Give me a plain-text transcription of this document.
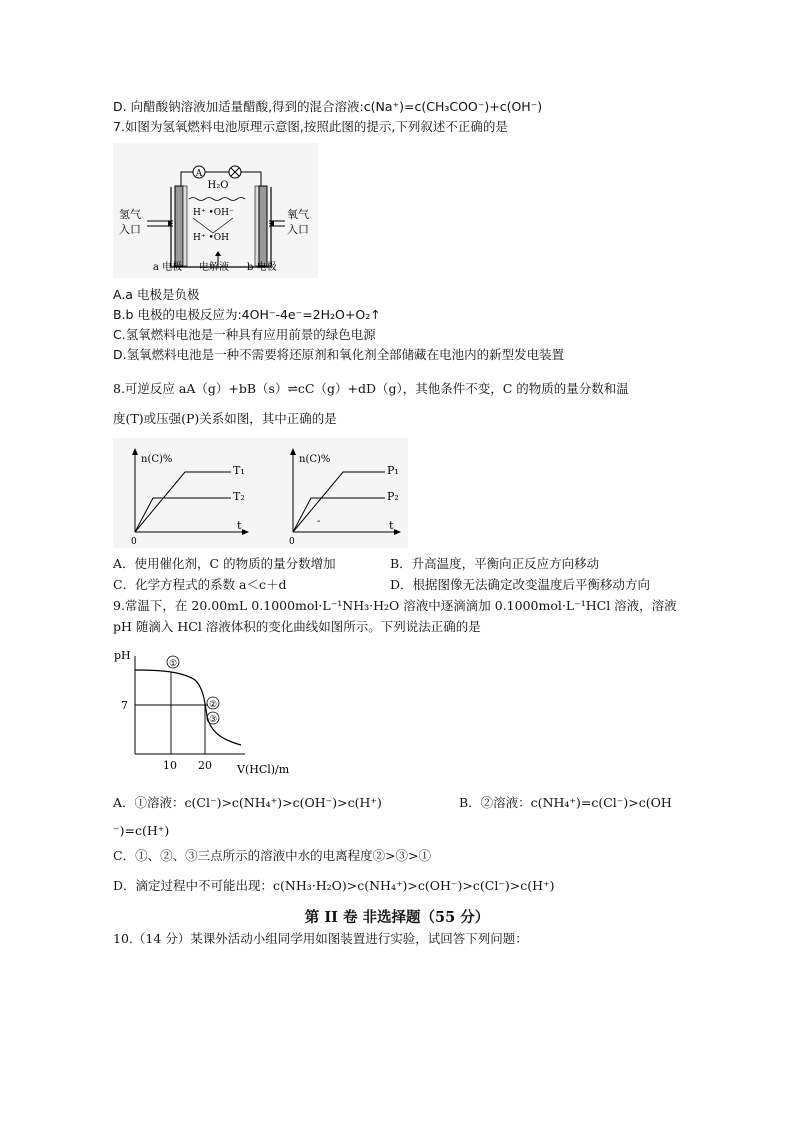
D. 向醋酸钠溶液加适量醋酸,得到的混合溶液:c(Na⁺)=c(CH₃COO⁻)+c(OH⁻)
7.如图为氢氧燃料电池原理示意图,按照此图的提示,下列叙述不正确的是
A
H₂O
H⁺ •OH⁻
H⁺ •OH
氢气
入口
氧气
入口
a 电极 电解液 b 电极
A.a 电极是负极
B.b 电极的电极反应为:4OH⁻-4e⁻=2H₂O+O₂↑
C.氢氧燃料电池是一种具有应用前景的绿色电源
D.氢氧燃料电池是一种不需要将还原剂和氧化剂全部储藏在电池内的新型发电装置
8.可逆反应 aA（g）+bB（s）⇌cC（g）+dD（g），其他条件不变，C 的物质的量分数和温
度(T)或压强(P)关系如图，其中正确的是
n(C)%
0
t
T₁
T₂
n(C)%
0
t
P₁
P₂
-
A．使用催化剂，C 的物质的量分数增加	B．升高温度，平衡向正反应方向移动
C．化学方程式的系数 a＜c＋d	D．根据图像无法确定改变温度后平衡移动方向
9.常温下，在 20.00mL 0.1000mol·L⁻¹NH₃·H₂O 溶液中逐滴滴加 0.1000mol·L⁻¹HCl 溶液，溶液
pH 随滴入 HCl 溶液体积的变化曲线如图所示。下列说法正确的是
pH
7
①
②
③
10 20 V(HCl)/m
A．①溶液：c(Cl⁻)>c(NH₄⁺)>c(OH⁻)>c(H⁺)	B．②溶液：c(NH₄⁺)=c(Cl⁻)>c(OH
⁻)=c(H⁺)
C．①、②、③三点所示的溶液中水的电离程度②>③>①
D．滴定过程中不可能出现：c(NH₃·H₂O)>c(NH₄⁺)>c(OH⁻)>c(Cl⁻)>c(H⁺)
第 II 卷 非选择题（55 分）
10.（14 分）某课外活动小组同学用如图装置进行实验，试回答下列问题：
